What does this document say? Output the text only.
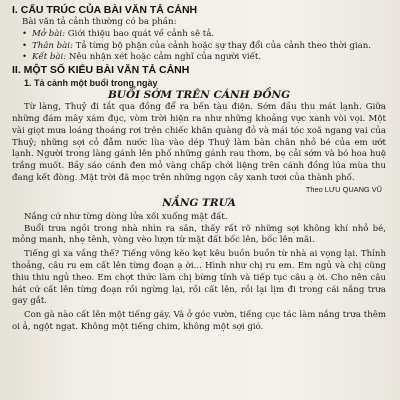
I. CẤU TRÚC CỦA BÀI VĂN TẢ CẢNH

Bài văn tả cảnh thường có ba phần:

• Mở bài: Giới thiệu bao quát về cảnh sẽ tả.

• Thân bài: Tả từng bộ phận của cảnh hoặc sự thay đổi của cảnh theo thời gian.

• Kết bài: Nêu nhận xét hoặc cảm nghĩ của người viết.

II. MỘT SỐ KIỂU BÀI VĂN TẢ CẢNH
1. Tả cảnh một buổi trong ngày
BUỔI SỚM TRÊN CÁNH ĐỒNG

Từ làng, Thuỷ đi tắt qua đồng để ra bến tàu điện. Sớm đầu thu mát lạnh. Giữa những đám mây xám đục, vòm trời hiện ra như những khoảng vực xanh vòi vọi. Một vài giọt mưa loáng thoáng rơi trên chiếc khăn quàng đỏ và mái tóc xoã ngang vai của Thuỷ; những sợi cỏ đẫm nước lùa vào dép Thuỷ làm bàn chân nhỏ bé của em ướt lạnh. Người trong làng gánh lên phố những gánh rau thơm, bẹ cải sớm và bó hoa huệ trắng muốt. Bầy sáo cánh đen mỏ vàng chấp chới liệng trên cánh đồng lúa mùa thu đang kết đòng. Mặt trời đã mọc trên những ngọn cây xanh tươi của thành phố.

Theo LƯU QUANG VŨ
NẮNG TRƯA

Nắng cứ như từng dòng lửa xối xuống mặt đất.

Buổi trưa ngồi trong nhà nhìn ra sân, thấy rất rõ những sợi không khí nhỏ bé, mỏng manh, nhẹ tênh, vòng vèo lượn từ mặt đất bốc lên, bốc lên mãi.

Tiếng gì xa vắng thế? Tiếng võng kẽo kẹt kêu buồn buồn từ nhà ai vọng lại. Thỉnh thoảng, câu ru em cất lên từng đoạn ạ ời... Hình như chị ru em. Em ngủ và chị cũng thiu thiu ngủ theo. Em chợt thức làm chị bừng tỉnh và tiếp tục câu ạ ời. Cho nên câu hát cứ cất lên từng đoạn rồi ngừng lại, rồi cất lên, rồi lại lịm đi trong cái nắng trưa gay gắt.

Con gà nào cất lên một tiếng gáy. Và ở góc vườn, tiếng cục tác làm nắng trưa thêm oi ả, ngột ngạt. Không một tiếng chim, không một sợi gió.
